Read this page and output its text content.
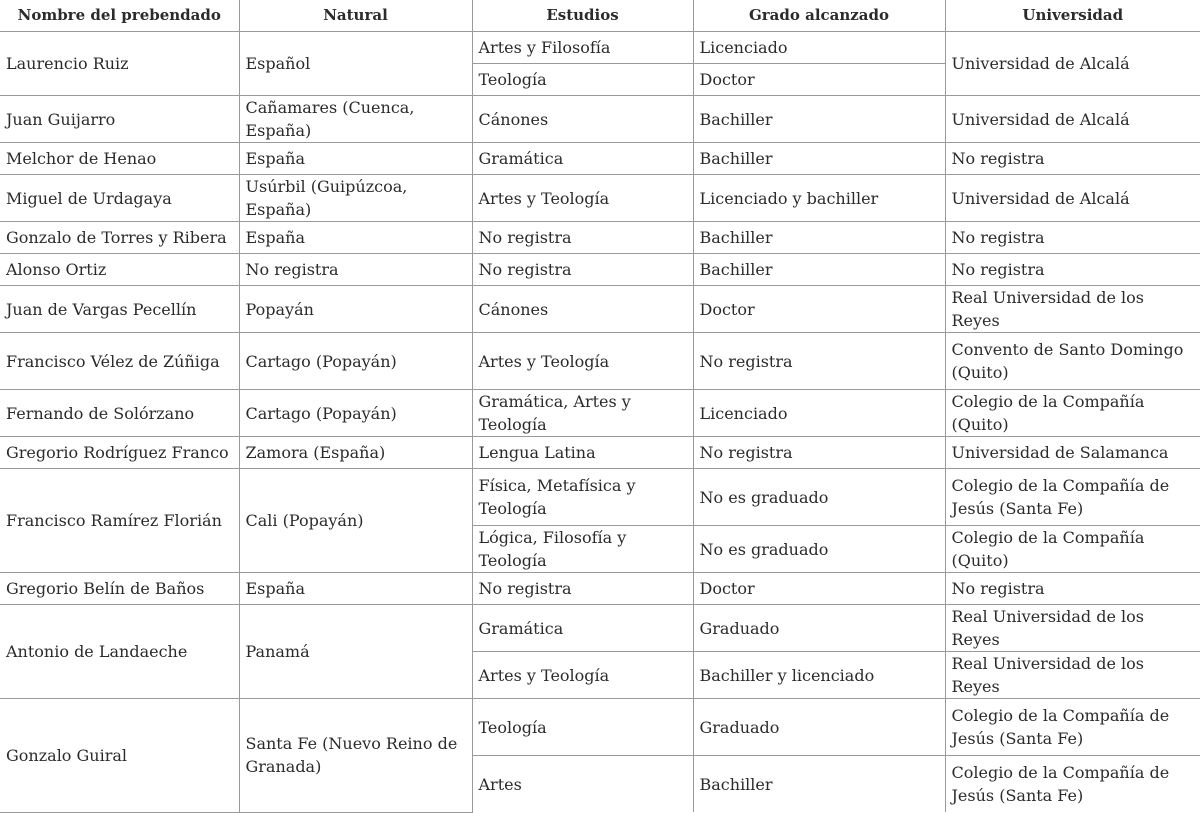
Nombre del prebendado	Natural	Estudios	Grado alcanzado	Universidad
Laurencio Ruiz	Español	Artes y Filosofía	Licenciado	Universidad de Alcalá
		Teología	Doctor	
Juan Guijarro	Cañamares (Cuenca, España)	Cánones	Bachiller	Universidad de Alcalá
Melchor de Henao	España	Gramática	Bachiller	No registra
Miguel de Urdagaya	Usúrbil (Guipúzcoa, España)	Artes y Teología	Licenciado y bachiller	Universidad de Alcalá
Gonzalo de Torres y Ribera	España	No registra	Bachiller	No registra
Alonso Ortiz	No registra	No registra	Bachiller	No registra
Juan de Vargas Pecellín	Popayán	Cánones	Doctor	Real Universidad de los Reyes
Francisco Vélez de Zúñiga	Cartago (Popayán)	Artes y Teología	No registra	Convento de Santo Domingo (Quito)
Fernando de Solórzano	Cartago (Popayán)	Gramática, Artes y Teología	Licenciado	Colegio de la Compañía (Quito)
Gregorio Rodríguez Franco	Zamora (España)	Lengua Latina	No registra	Universidad de Salamanca
Francisco Ramírez Florián	Cali (Popayán)	Física, Metafísica y Teología	No es graduado	Colegio de la Compañía de Jesús (Santa Fe)
		Lógica, Filosofía y Teología	No es graduado	Colegio de la Compañía (Quito)
Gregorio Belín de Baños	España	No registra	Doctor	No registra
Antonio de Landaeche	Panamá	Gramática	Graduado	Real Universidad de los Reyes
		Artes y Teología	Bachiller y licenciado	Real Universidad de los Reyes
Gonzalo Guiral	Santa Fe (Nuevo Reino de Granada)	Teología	Graduado	Colegio de la Compañía de Jesús (Santa Fe)
		Artes	Bachiller	Colegio de la Compañía de Jesús (Santa Fe)
